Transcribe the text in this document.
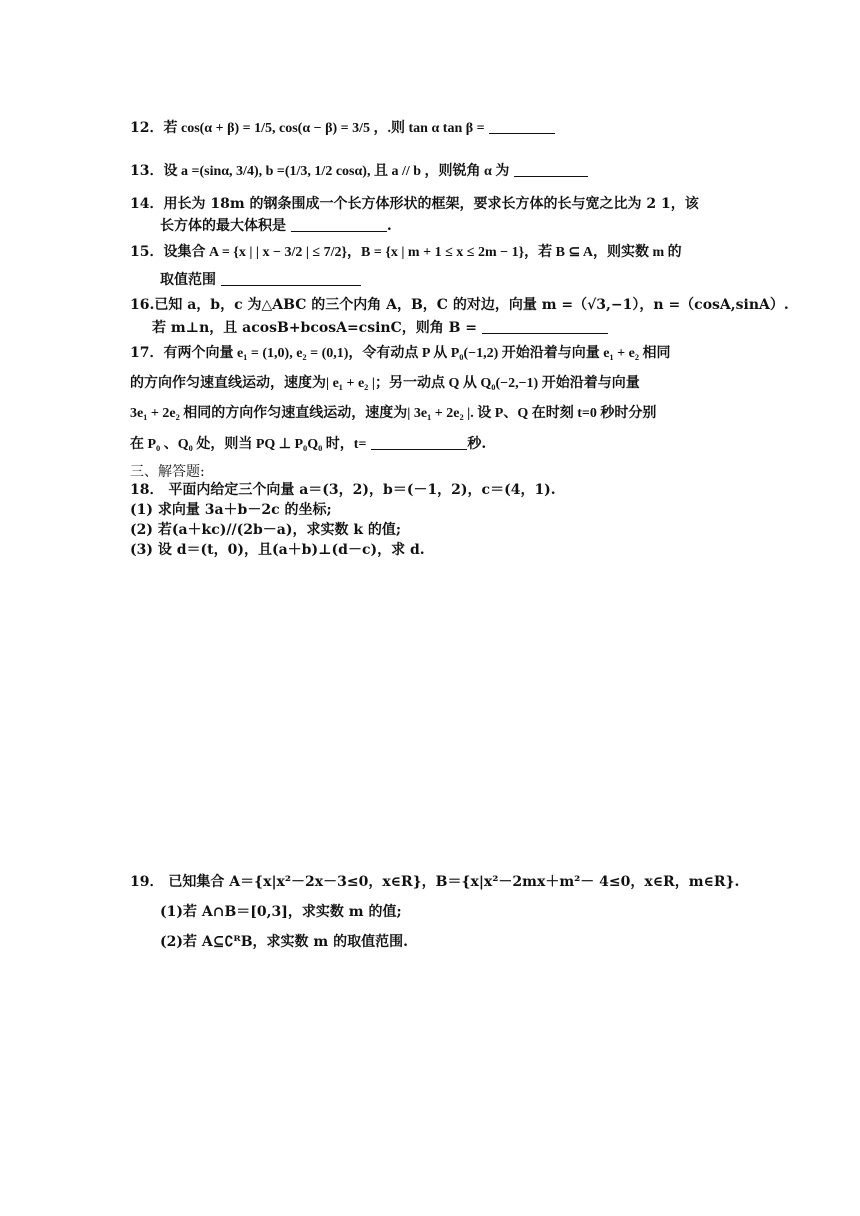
12．若 cos(α + β) = 1/5, cos(α − β) = 3/5 ，.则 tan α tan β =
13．设 a =(sinα, 3/4), b =(1/3, 1/2 cosα), 且 a // b ，则锐角 α 为
14．用长为 18m 的钢条围成一个长方体形状的框架，要求长方体的长与宽之比为 2 1，该
长方体的最大体积是	.
15．设集合 A = {x | | x − 3/2 | ≤ 7/2}，B = {x | m + 1 ≤ x ≤ 2m − 1}，若 B ⊆ A，则实数 m 的
取值范围
16.已知 a，b，c 为△ABC 的三个内角 A，B，C 的对边，向量 m =（√3,−1），n =（cosA,sinA）.
若 m⊥n，且 acosB+bcosA=csinC，则角 B =
17．有两个向量 e₁ = (1,0), e₂ = (0,1)，令有动点 P 从 P₀(−1,2) 开始沿着与向量 e₁ + e₂ 相同
的方向作匀速直线运动，速度为| e₁ + e₂ |；另一动点 Q 从 Q₀(−2,−1) 开始沿着与向量
3e₁ + 2e₂ 相同的方向作匀速直线运动，速度为| 3e₁ + 2e₂ |. 设 P、Q 在时刻 t=0 秒时分别
在 P₀ 、Q₀ 处，则当 PQ ⊥ P₀Q₀ 时，t=	秒.
三、解答题:
18． 平面内给定三个向量 a＝(3，2)，b＝(－1，2)，c＝(4，1).
(1) 求向量 3a＋b－2c 的坐标;
(2) 若(a＋kc)//(2b－a)，求实数 k 的值;
(3) 设 d＝(t，0)，且(a＋b)⊥(d－c)，求 d.
19． 已知集合 A＝{x|x²－2x－3≤0，x∈R}，B＝{x|x²－2mx＋m²－ 4≤0，x∈R，m∈R}.
(1)若 A∩B＝[0,3]，求实数 m 的值;
(2)若 A⊆∁ᴿB，求实数 m 的取值范围.
